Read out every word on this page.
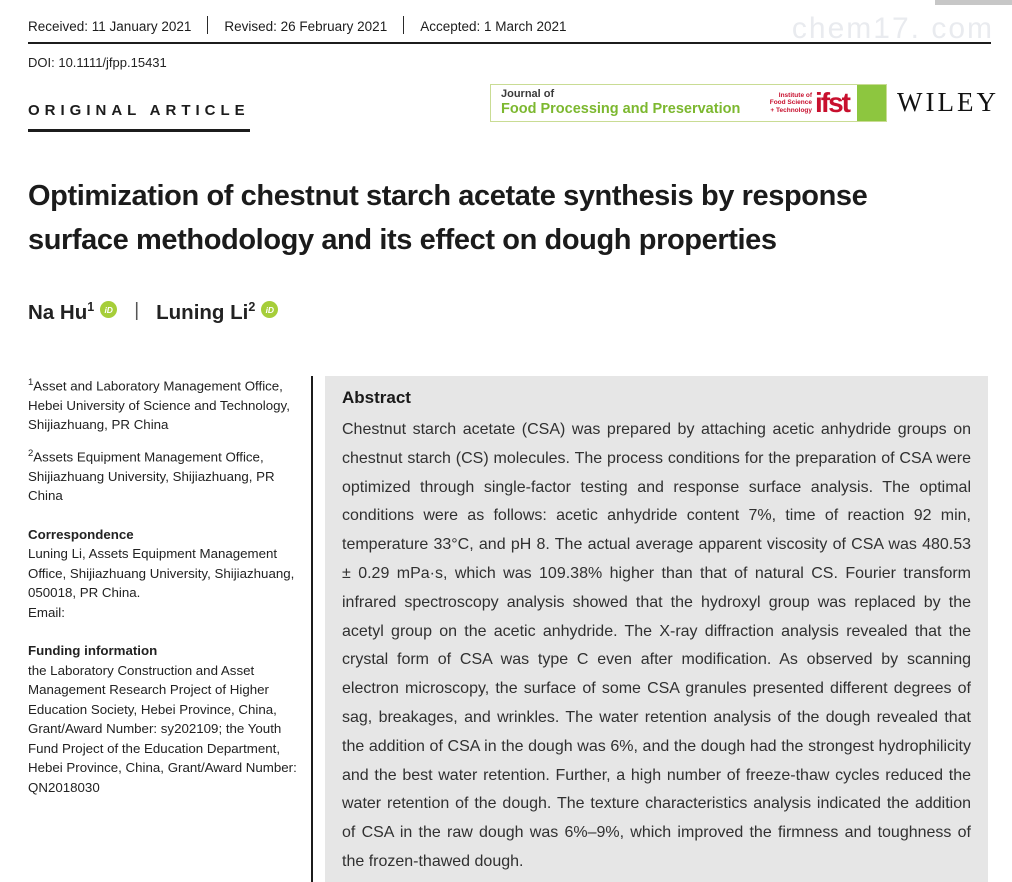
chem17. com
Received: 11 January 2021	Revised: 26 February 2021	Accepted: 1 March 2021
DOI: 10.1111/jfpp.15431
ORIGINAL ARTICLE
Journal of
Food Processing and Preservation
Institute of
Food Science
+ Technology ifst WILEY
Optimization of chestnut starch acetate synthesis by response
surface methodology and its effect on dough properties
Na Hu$^1$	iD | Luning Li$^2$	iD
$^1$Asset and Laboratory Management Office, Hebei University of Science and Technology, Shijiazhuang, PR China
$^2$Assets Equipment Management Office, Shijiazhuang University, Shijiazhuang, PR China
Correspondence
Luning Li, Assets Equipment Management Office, Shijiazhuang University, Shijiazhuang, 050018, PR China.
Email:
Funding information
the Laboratory Construction and Asset Management Research Project of Higher Education Society, Hebei Province, China, Grant/Award Number: sy202109; the Youth Fund Project of the Education Department, Hebei Province, China, Grant/Award Number: QN2018030
Abstract
Chestnut starch acetate (CSA) was prepared by attaching acetic anhydride groups on chestnut starch (CS) molecules. The process conditions for the preparation of CSA were optimized through single-factor testing and response surface analysis. The optimal conditions were as follows: acetic anhydride content 7%, time of reaction 92 min, temperature 33°C, and pH 8. The actual average apparent viscosity of CSA was 480.53 ± 0.29 mPa·s, which was 109.38% higher than that of natural CS. Fourier transform infrared spectroscopy analysis showed that the hydroxyl group was replaced by the acetyl group on the acetic anhydride. The X-ray diffraction analysis revealed that the crystal form of CSA was type C even after modification. As observed by scanning electron microscopy, the surface of some CSA granules presented different degrees of sag, breakages, and wrinkles. The water retention analysis of the dough revealed that the addition of CSA in the dough was 6%, and the dough had the strongest hydrophilicity and the best water retention. Further, a high number of freeze-thaw cycles reduced the water retention of the dough. The texture characteristics analysis indicated the addition of CSA in the raw dough was 6%–9%, which improved the firmness and toughness of the frozen-thawed dough.
